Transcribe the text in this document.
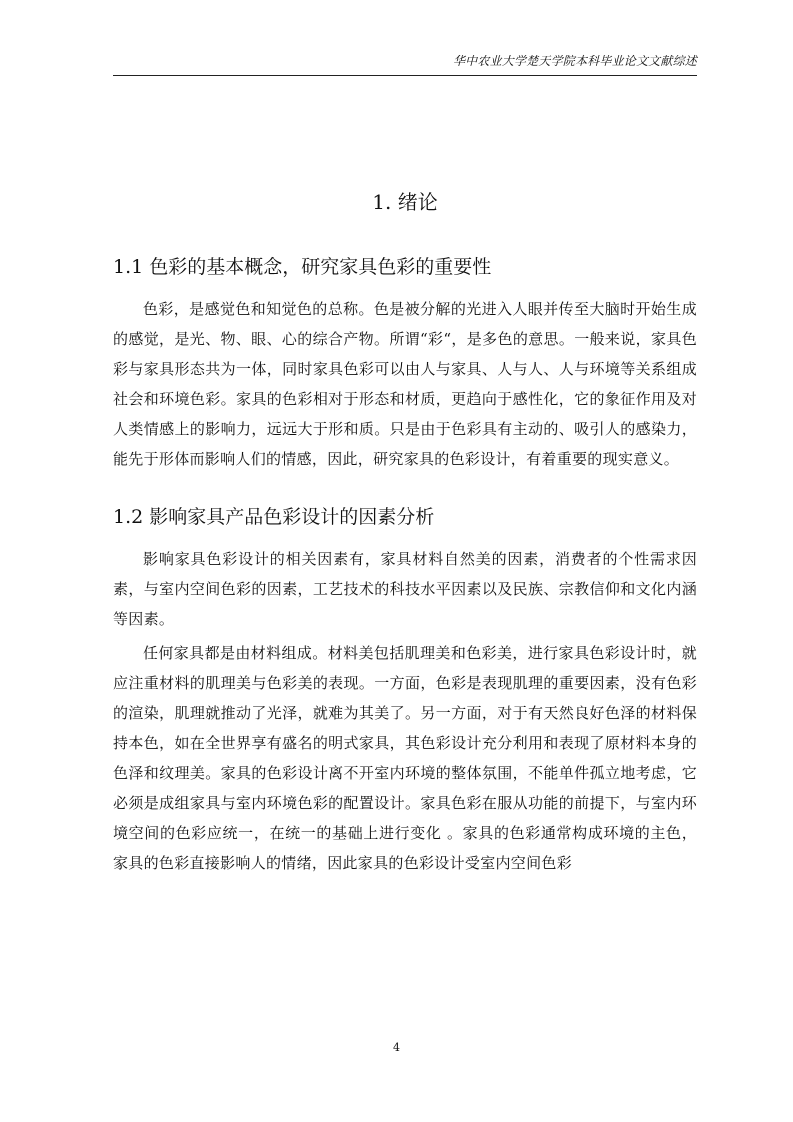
华中农业大学楚天学院本科毕业论文文献综述
1. 绪论
1.1 色彩的基本概念，研究家具色彩的重要性

色彩，是感觉色和知觉色的总称。色是被分解的光进入人眼并传至大脑时开始生成的感觉，是光、物、眼、心的综合产物。所谓“彩“，是多色的意思。一般来说，家具色彩与家具形态共为一体，同时家具色彩可以由人与家具、人与人、人与环境等关系组成社会和环境色彩。家具的色彩相对于形态和材质，更趋向于感性化，它的象征作用及对人类情感上的影响力，远远大于形和质。只是由于色彩具有主动的、吸引人的感染力，能先于形体而影响人们的情感，因此，研究家具的色彩设计，有着重要的现实意义。

1.2 影响家具产品色彩设计的因素分析

影响家具色彩设计的相关因素有，家具材料自然美的因素，消费者的个性需求因素，与室内空间色彩的因素，工艺技术的科技水平因素以及民族、宗教信仰和文化内涵等因素。

任何家具都是由材料组成。材料美包括肌理美和色彩美，进行家具色彩设计时，就应注重材料的肌理美与色彩美的表现。一方面，色彩是表现肌理的重要因素，没有色彩的渲染，肌理就推动了光泽，就难为其美了。另一方面，对于有天然良好色泽的材料保持本色，如在全世界享有盛名的明式家具，其色彩设计充分利用和表现了原材料本身的色泽和纹理美。家具的色彩设计离不开室内环境的整体氛围，不能单件孤立地考虑，它必须是成组家具与室内环境色彩的配置设计。家具色彩在服从功能的前提下，与室内环境空间的色彩应统一，在统一的基础上进行变化 。家具的色彩通常构成环境的主色，家具的色彩直接影响人的情绪，因此家具的色彩设计受室内空间色彩

4
